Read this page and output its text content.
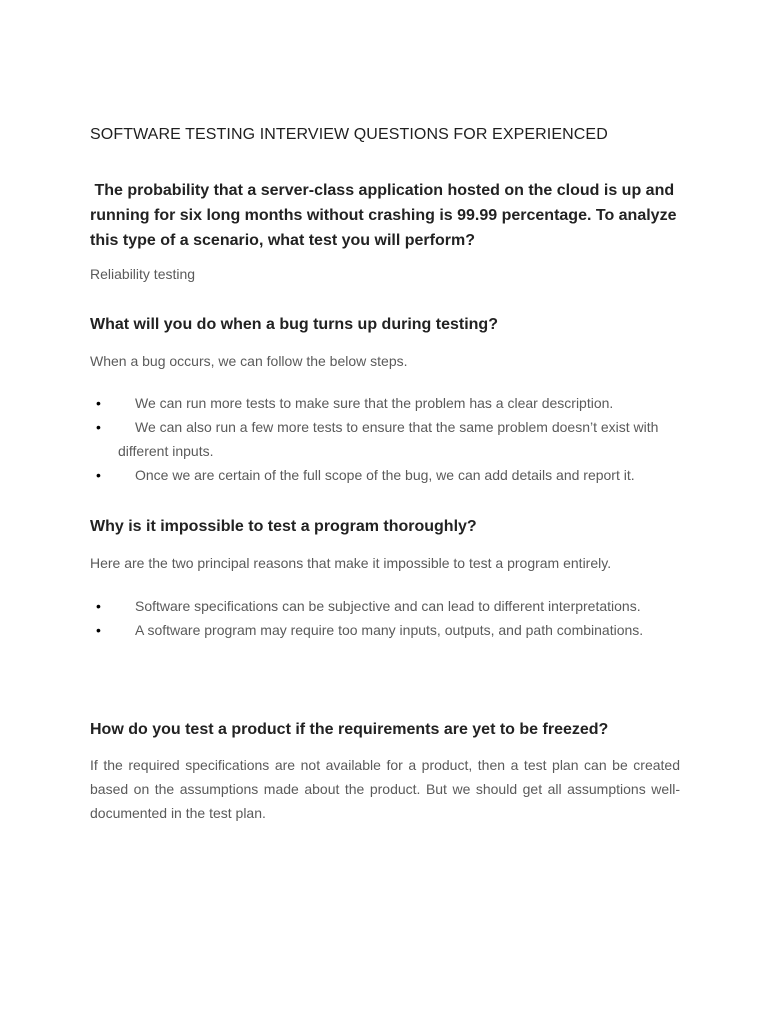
SOFTWARE TESTING INTERVIEW QUESTIONS FOR EXPERIENCED
The probability that a server-class application hosted on the cloud is up and running for six long months without crashing is 99.99 percentage. To analyze this type of a scenario, what test you will perform?
Reliability testing
What will you do when a bug turns up during testing?
When a bug occurs, we can follow the below steps.
•	We can run more tests to make sure that the problem has a clear description.
•	We can also run a few more tests to ensure that the same problem doesn’t exist with different inputs.
•	Once we are certain of the full scope of the bug, we can add details and report it.
Why is it impossible to test a program thoroughly?
Here are the two principal reasons that make it impossible to test a program entirely.
•	Software specifications can be subjective and can lead to different interpretations.
•	A software program may require too many inputs, outputs, and path combinations.
How do you test a product if the requirements are yet to be freezed?
If the required specifications are not available for a product, then a test plan can be created based on the assumptions made about the product. But we should get all assumptions well-documented in the test plan.
